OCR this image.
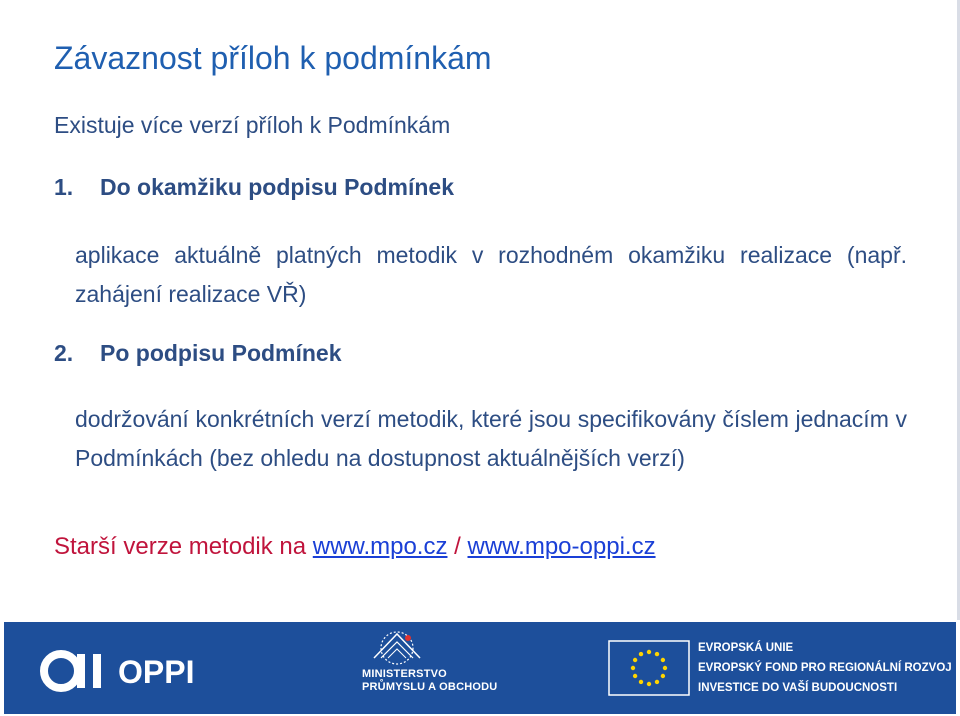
Závaznost příloh k podmínkám
Existuje více verzí příloh k Podmínkám
1. Do okamžiku podpisu Podmínek
aplikace aktuálně platných metodik v rozhodném okamžiku realizace (např. zahájení realizace VŘ)
2. Po podpisu Podmínek
dodržování konkrétních verzí metodik, které jsou specifikovány číslem jednacím v Podmínkách (bez ohledu na dostupnost aktuálnějších verzí)
Starší verze metodik na www.mpo.cz / www.mpo-oppi.cz
OPPI	MINISTERSTVO
PRŮMYSLU A OBCHODU
EVROPSKÁ UNIE
EVROPSKÝ FOND PRO REGIONÁLNÍ ROZVOJ
INVESTICE DO VAŠÍ BUDOUCNOSTI
